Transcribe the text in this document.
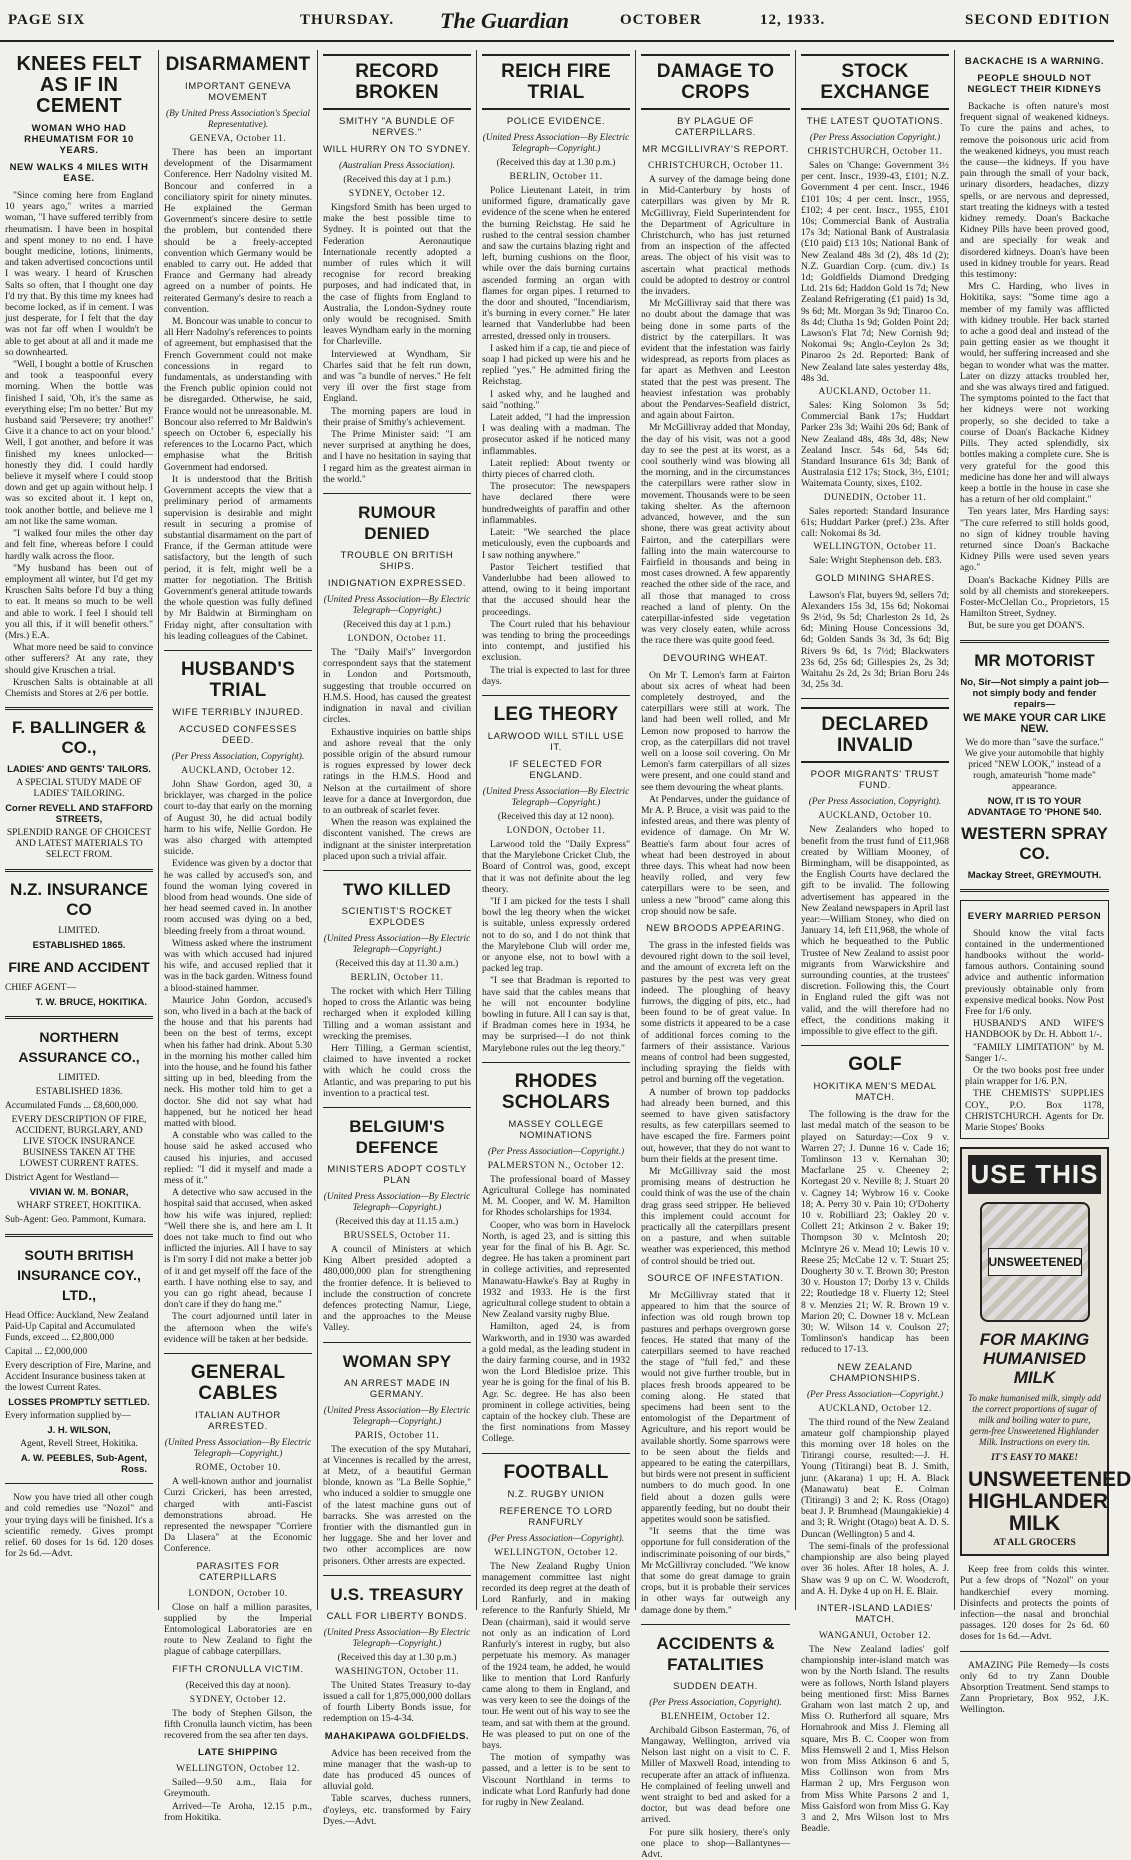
PAGE SIX	THURSDAY. The Guardian	OCTOBER	12, 1933.	SECOND EDITION
KNEES FELT AS IF IN CEMENT
WOMAN WHO HAD RHEUMATISM FOR 10 YEARS.
NEW WALKS 4 MILES WITH EASE.

"Since coming here from England 10 years ago," writes a married woman, "I have suffered terribly from rheumatism. I have been in hospital and spent money to no end. I have bought medicine, lotions, liniments, and taken advertised concoctions until I was weary. I heard of Kruschen Salts so often, that I thought one day I'd try that. By this time my knees had become locked, as if in cement. I was just desperate, for I felt that the day was not far off when I wouldn't be able to get about at all and it made me so downhearted.

"Well, I bought a bottle of Kruschen and took a teaspoonful every morning. When the bottle was finished I said, 'Oh, it's the same as everything else; I'm no better.' But my husband said 'Persevere; try another!' Give it a chance to act on your blood.' Well, I got another, and before it was finished my knees unlocked—honestly they did. I could hardly believe it myself where I could stoop down and get up again without help. I was so excited about it. I kept on, took another bottle, and believe me I am not like the same woman.

"I walked four miles the other day and felt fine, whereas before I could hardly walk across the floor.

"My husband has been out of employment all winter, but I'd get my Kruschen Salts before I'd buy a thing to eat. It means so much to be well and able to work. I feel I should tell you all this, if it will benefit others." (Mrs.) E.A.

What more need be said to convince other sufferers? At any rate, they should give Kruschen a trial.

Kruschen Salts is obtainable at all Chemists and Stores at 2/6 per bottle.

F. BALLINGER & CO.,
LADIES' AND GENTS' TAILORS.
A SPECIAL STUDY MADE OF LADIES' TAILORING.
Corner REVELL AND STAFFORD STREETS,
SPLENDID RANGE OF CHOICEST AND LATEST MATERIALS TO SELECT FROM.
N.Z. INSURANCE CO
LIMITED.
ESTABLISHED 1865.
FIRE AND ACCIDENT
CHIEF AGENT—
T. W. BRUCE, HOKITIKA.
NORTHERN ASSURANCE CO.,
LIMITED.
ESTABLISHED 1836.
Accumulated Funds ... £8,600,000.
EVERY DESCRIPTION OF FIRE, ACCIDENT, BURGLARY, AND LIVE STOCK INSURANCE BUSINESS TAKEN AT THE LOWEST CURRENT RATES.
District Agent for Westland—
VIVIAN W. M. BONAR,
WHARF STREET, HOKITIKA.
Sub-Agent: Geo. Pammont, Kumara.
SOUTH BRITISH INSURANCE COY., LTD.,
Head Office: Auckland, New Zealand Paid-Up Capital and Accumulated Funds, exceed ... £2,800,000
Capital ... £2,000,000
Every description of Fire, Marine, and Accident Insurance business taken at the lowest Current Rates.
LOSSES PROMPTLY SETTLED.
Every information supplied by—
J. H. WILSON,
Agent, Revell Street, Hokitika.
A. W. PEEBLES, Sub-Agent, Ross.

Now you have tried all other cough and cold remedies use "Nozol" and your trying days will be finished. It's a scientific remedy. Gives prompt relief. 60 doses for 1s 6d. 120 doses for 2s 6d.—Advt.

DISARMAMENT
IMPORTANT GENEVA MOVEMENT
(By United Press Association's Special Representative).
GENEVA, October 11.

There has been an important development of the Disarmament Conference. Herr Nadolny visited M. Boncour and conferred in a conciliatory spirit for ninety minutes. He explained the German Government's sincere desire to settle the problem, but contended there should be a freely-accepted convention which Germany would be enabled to carry out. He added that France and Germany had already agreed on a number of points. He reiterated Germany's desire to reach a convention.

M. Boncour was unable to concur to all Herr Nadolny's references to points of agreement, but emphasised that the French Government could not make concessions in regard to fundamentals, as understanding with the French public opinion could not be disregarded. Otherwise, he said, France would not be unreasonable. M. Boncour also referred to Mr Baldwin's speech on October 6, especially his references to the Locarno Pact, which emphasise what the British Government had endorsed.

It is understood that the British Government accepts the view that a preliminary period of armaments supervision is desirable and might result in securing a promise of substantial disarmament on the part of France, if the German attitude were satisfactory, but the length of such period, it is felt, might well be a matter for negotiation. The British Government's general attitude towards the whole question was fully defined by Mr Baldwin at Birmingham on Friday night, after consultation with his leading colleagues of the Cabinet.

HUSBAND'S TRIAL
WIFE TERRIBLY INJURED.
ACCUSED CONFESSES DEED.
(Per Press Association, Copyright).
AUCKLAND, October 12.

John Shaw Gordon, aged 30, a bricklayer, was charged in the police court to-day that early on the morning of August 30, he did actual bodily harm to his wife, Nellie Gordon. He was also charged with attempted suicide.

Evidence was given by a doctor that he was called by accused's son, and found the woman lying covered in blood from head wounds. One side of her head seemed caved in. In another room accused was dying on a bed, bleeding freely from a throat wound.

Witness asked where the instrument was with which accused had injured his wife, and accused replied that it was in the back garden. Witness found a blood-stained hammer.

Maurice John Gordon, accused's son, who lived in a bach at the back of the house and that his parents had been on the best of terms, except when his father had drink. About 5.30 in the morning his mother called him into the house, and he found his father sitting up in bed, bleeding from the neck. His mother told him to get a doctor. She did not say what had happened, but he noticed her head matted with blood.

A constable who was called to the house said he asked accused who caused his injuries, and accused replied: "I did it myself and made a mess of it."

A detective who saw accused in the hospital said that accused, when asked how his wife was injured, replied: "Well there she is, and here am I. It does not take much to find out who inflicted the injuries. All I have to say is I'm sorry I did not make a better job of it and get myself off the face of the earth. I have nothing else to say, and you can go right ahead, because I don't care if they do hang me."

The court adjourned until later in the afternoon when the wife's evidence will be taken at her bedside.

GENERAL CABLES
ITALIAN AUTHOR ARRESTED.
(United Press Association—By Electric Telegraph—Copyright.)
ROME, October 10.

A well-known author and journalist Curzi Crickeri, has been arrested, charged with anti-Fascist demonstrations abroad. He represented the newspaper "Corriere Da Llasera" at the Economic Conference.

PARASITES FOR CATERPILLARS
LONDON, October 10.

Close on half a million parasites, supplied by the Imperial Entomological Laboratories are en route to New Zealand to fight the plague of cabbage caterpillars.

FIFTH CRONULLA VICTIM.
(Received this day at noon).
SYDNEY, October 12.

The body of Stephen Gilson, the fifth Cronulla launch victim, has been recovered from the sea after ten days.

LATE SHIPPING
WELLINGTON, October 12.

Sailed—9.50 a.m., Ilaia for Greymouth.

Arrived—Te Aroha, 12.15 p.m., from Hokitika.

RECORD BROKEN
SMITHY "A BUNDLE OF NERVES."
WILL HURRY ON TO SYDNEY.
(Australian Press Association).
(Received this day at 1 p.m.)
SYDNEY, October 12.

Kingsford Smith has been urged to make the best possible time to Sydney. It is pointed out that the Federation Aeronautique Internationale recently adopted a number of rules which it will recognise for record breaking purposes, and had indicated that, in the case of flights from England to Australia, the London-Sydney route only would be recognised. Smith leaves Wyndham early in the morning for Charleville.

Interviewed at Wyndham, Sir Charles said that he felt run down, and was "a bundle of nerves." He felt very ill over the first stage from England.

The morning papers are loud in their praise of Smithy's achievement.

The Prime Minister said: "I am never surprised at anything he does, and I have no hesitation in saying that I regard him as the greatest airman in the world."

RUMOUR DENIED
TROUBLE ON BRITISH SHIPS.
INDIGNATION EXPRESSED.
(United Press Association—By Electric Telegraph—Copyright.)
(Received this day at 1 p.m.)
LONDON, October 11.

The "Daily Mail's" Invergordon correspondent says that the statement in London and Portsmouth, suggesting that trouble occurred on H.M.S. Hood, has caused the greatest indignation in naval and civilian circles.

Exhaustive inquiries on battle ships and ashore reveal that the only possible origin of the absurd rumour is rogues expressed by lower deck ratings in the H.M.S. Hood and Nelson at the curtailment of shore leave for a dance at Invergordon, due to an outbreak of scarlet fever.

When the reason was explained the discontent vanished. The crews are indignant at the sinister interpretation placed upon such a trivial affair.

TWO KILLED
SCIENTIST'S ROCKET EXPLODES
(United Press Association—By Electric Telegraph—Copyright.)
(Received this day at 11.30 a.m.)
BERLIN, October 11.

The rocket with which Herr Tilling hoped to cross the Atlantic was being recharged when it exploded killing Tilling and a woman assistant and wrecking the premises.

Herr Tilling, a German scientist, claimed to have invented a rocket with which he could cross the Atlantic, and was preparing to put his invention to a practical test.

BELGIUM'S DEFENCE
MINISTERS ADOPT COSTLY PLAN
(United Press Association—By Electric Telegraph—Copyright.)
(Received this day at 11.15 a.m.)
BRUSSELS, October 11.

A council of Ministers at which King Albert presided adopted a 480,000,000 plan for strengthening the frontier defence. It is believed to include the construction of concrete defences protecting Namur, Liege, and the approaches to the Meuse Valley.

WOMAN SPY
AN ARREST MADE IN GERMANY.
(United Press Association—By Electric Telegraph—Copyright.)
PARIS, October 11.

The execution of the spy Mutahari, at Vincennes is recalled by the arrest, at Metz, of a beautiful German blonde, known as "La Belle Sophie," who induced a soldier to smuggle one of the latest machine guns out of barracks. She was arrested on the frontier with the dismantled gun in her luggage. She and her lover and two other accomplices are now prisoners. Other arrests are expected.

U.S. TREASURY
CALL FOR LIBERTY BONDS.
(United Press Association—By Electric Telegraph—Copyright.)
(Received this day at 1.30 p.m.)
WASHINGTON, October 11.

The United States Treasury to-day issued a call for 1,875,000,000 dollars of fourth Liberty Bonds issue, for redemption on 15-4-34.

MAHAKIPAWA GOLDFIELDS.

Advice has been received from the mine manager that the wash-up to date has produced 45 ounces of alluvial gold.

Table scarves, duchess runners, d'oyleys, etc. transformed by Fairy Dyes.—Advt.

REICH FIRE TRIAL
POLICE EVIDENCE.
(United Press Association—By Electric Telegraph—Copyright.)
(Received this day at 1.30 p.m.)
BERLIN, October 11.

Police Lieutenant Lateit, in trim uniformed figure, dramatically gave evidence of the scene when he entered the burning Reichstag. He said he rushed to the central session chamber and saw the curtains blazing right and left, burning cushions on the floor, while over the dais burning curtains ascended forming an organ with flames for organ pipes. I returned to the door and shouted, "Incendiarism, it's burning in every corner." He later learned that Vanderlubbe had been arrested, dressed only in trousers.

I asked him if a cap, tie and piece of soap I had picked up were his and he replied "yes." He admitted firing the Reichstag.

I asked why, and he laughed and said "nothing."

Lateit added, "I had the impression I was dealing with a madman. The prosecutor asked if he noticed many inflammables.

Lateit replied: About twenty or thirty pieces of charred cloth.

The prosecutor: The newspapers have declared there were hundredweights of paraffin and other inflammables.

Lateit: "We searched the place meticulously, even the cupboards and I saw nothing anywhere."

Pastor Teichert testified that Vanderlubbe had been allowed to attend, owing to it being important that the accused should hear the proceedings.

The Court ruled that his behaviour was tending to bring the proceedings into contempt, and justified his exclusion.

The trial is expected to last for three days.

LEG THEORY
LARWOOD WILL STILL USE IT.
IF SELECTED FOR ENGLAND.
(United Press Association—By Electric Telegraph—Copyright.)
(Received this day at 12 noon).
LONDON, October 11.

Larwood told the "Daily Express" that the Marylebone Cricket Club, the Board of Control was, good, except that it was not definite about the leg theory.

"If I am picked for the tests I shall bowl the leg theory when the wicket is suitable, unless expressly ordered not to do so, and I do not think that the Marylebone Club will order me, or anyone else, not to bowl with a packed leg trap.

"I see that Bradman is reported to have said that the cables means that he will not encounter bodyline bowling in future. All I can say is that, if Bradman comes here in 1934, he may be surprised—I do not think Marylebone rules out the leg theory."

RHODES SCHOLARS
MASSEY COLLEGE NOMINATIONS
(Per Press Association—Copyright.)
PALMERSTON N., October 12.

The professional board of Massey Agricultural College has nominated M. M. Cooper, and W. M. Hamilton for Rhodes scholarships for 1934.

Cooper, who was born in Havelock North, is aged 23, and is sitting this year for the final of his B. Agr. Sc. degree. He has taken a prominent part in college activities, and represented Manawatu-Hawke's Bay at Rugby in 1932 and 1933. He is the first agricultural college student to obtain a New Zealand varsity rugby Blue.

Hamilton, aged 24, is from Warkworth, and in 1930 was awarded a gold medal, as the leading student in the dairy farming course, and in 1932 won the Lord Bledisloe prize. This year he is going for the final of his B. Agr. Sc. degree. He has also been prominent in college activities, being captain of the hockey club. These are the first nominations from Massey College.

FOOTBALL
N.Z. RUGBY UNION
REFERENCE TO LORD RANFURLY
(Per Press Association—Copyright).
WELLINGTON, October 12.

The New Zealand Rugby Union management committee last night recorded its deep regret at the death of Lord Ranfurly, and in making reference to the Ranfurly Shield, Mr Dean (chairman), said it would serve not only as an indication of Lord Ranfurly's interest in rugby, but also perpetuate his memory. As manager of the 1924 team, he added, he would like to mention that Lord Ranfurly came along to them in England, and was very keen to see the doings of the tour. He went out of his way to see the team, and sat with them at the ground. He was pleased to put on one of the bays.

The motion of sympathy was passed, and a letter is to be sent to Viscount Northland in terms to indicate what Lord Ranfurly had done for rugby in New Zealand.

DAMAGE TO CROPS
BY PLAGUE OF CATERPILLARS.
MR MCGILLIVRAY'S REPORT.
CHRISTCHURCH, October 11.

A survey of the damage being done in Mid-Canterbury by hosts of caterpillars was given by Mr R. McGillivray, Field Superintendent for the Department of Agriculture in Christchurch, who has just returned from an inspection of the affected areas. The object of his visit was to ascertain what practical methods could be adopted to destroy or control the invaders.

Mr McGillivray said that there was no doubt about the damage that was being done in some parts of the district by the caterpillars. It was evident that the infestation was fairly widespread, as reports from places as far apart as Methven and Leeston stated that the pest was present. The heaviest infestation was probably about the Pendarves-Seafield district, and again about Fairton.

Mr McGillivray added that Monday, the day of his visit, was not a good day to see the pest at its worst, as a cool southerly wind was blowing all the morning, and in the circumstances the caterpillars were rather slow in movement. Thousands were to be seen taking shelter. As the afternoon advanced, however, and the sun shone, there was great activity about Fairton, and the caterpillars were falling into the main watercourse to Fairfield in thousands and being in most cases drowned. A few apparently reached the other side of the race, and all those that managed to cross reached a land of plenty. On the caterpillar-infested side vegetation was very closely eaten, while across the race there was quite good feed.

DEVOURING WHEAT.

On Mr T. Lemon's farm at Fairton about six acres of wheat had been completely destroyed, and the caterpillars were still at work. The land had been well rolled, and Mr Lemon now proposed to harrow the crop, as the caterpillars did not travel well on a loose soil covering. On Mr Lemon's farm caterpillars of all sizes were present, and one could stand and see them devouring the wheat plants.

At Pendarves, under the guidance of Mr A. P. Bruce, a visit was paid to the infested areas, and there was plenty of evidence of damage. On Mr W. Beattie's farm about four acres of wheat had been destroyed in about three days. This wheat had now been heavily rolled, and very few caterpillars were to be seen, and unless a new "brood" came along this crop should now be safe.

NEW BROODS APPEARING.

The grass in the infested fields was devoured right down to the soil level, and the amount of excreta left on the pastures by the pest was very great indeed. The ploughing of heavy furrows, the digging of pits, etc., had been found to be of great value. In some districts it appeared to be a case of additional forces coming to the farmers of their assistance. Various means of control had been suggested, including spraying the fields with petrol and burning off the vegetation.

A number of brown top paddocks had already been burned, and this seemed to have given satisfactory results, as few caterpillars seemed to have escaped the fire. Farmers point out, however, that they do not want to burn their fields at the present time.

Mr McGillivray said the most promising means of destruction he could think of was the use of the chain drag grass seed stripper. He believed this implement could account for practically all the caterpillars present on a pasture, and when suitable weather was experienced, this method of control should be tried out.

SOURCE OF INFESTATION.

Mr McGillivray stated that it appeared to him that the source of infection was old rough brown top pastures and perhaps overgrown gorse fences. He stated that many of the caterpillars seemed to have reached the stage of "full fed," and these would not give further trouble, but in places fresh broods appeared to be coming along. He stated that specimens had been sent to the entomologist of the Department of Agriculture, and his report would be available shortly. Some sparrows were to be seen about the fields and appeared to be eating the caterpillars, but birds were not present in sufficient numbers to do much good. In one field about a dozen gulls were apparently feeding, but no doubt their appetites would soon be satisfied.

"It seems that the time was opportune for full consideration of the indiscriminate poisoning of our birds," Mr McGillivray concluded. "We know that some do great damage to grain crops, but it is probable their services in other ways far outweigh any damage done by them."

ACCIDENTS & FATALITIES
SUDDEN DEATH.
(Per Press Association, Copyright).
BLENHEIM, October 12.

Archibald Gibson Easterman, 76, of Mangaway, Wellington, arrived via Nelson last night on a visit to C. F. Miller of Maxwell Road, intending to recuperate after an attack of influenza. He complained of feeling unwell and went straight to bed and asked for a doctor, but was dead before one arrived.

For pure silk hosiery, there's only one place to shop—Ballantynes—Advt.

STOCK EXCHANGE
THE LATEST QUOTATIONS.
(Per Press Association Copyright.)
CHRISTCHURCH, October 11.

Sales on 'Change: Government 3½ per cent. Inscr., 1939-43, £101; N.Z. Government 4 per cent. Inscr., 1946 £101 10s; 4 per cent. Inscr., 1955, £102; 4 per cent. Inscr., 1955, £101 10s; Commercial Bank of Australia 17s 3d; National Bank of Australasia (£10 paid) £13 10s; National Bank of New Zealand 48s 3d (2), 48s 1d (2); N.Z. Guardian Corp. (cum. div.) 1s 1d; Goldfields Diamond Dredging Ltd. 21s 6d; Haddon Gold 1s 7d; New Zealand Refrigerating (£1 paid) 1s 3d, 9s 6d; Mt. Morgan 3s 9d; Tinaroo Co. 8s 4d; Clutha 1s 9d; Golden Point 2d; Lawson's Flat 7d; New Cornish 9d; Nokomai 9s; Anglo-Ceylon 2s 3d; Pinaroo 2s 2d. Reported: Bank of New Zealand late sales yesterday 48s, 48s 3d.

AUCKLAND, October 11.

Sales: King Solomon 3s 5d; Commercial Bank 17s; Huddart Parker 23s 3d; Waihi 20s 6d; Bank of New Zealand 48s, 48s 3d, 48s; New Zealand Inscr. 54s 6d, 54s 6d; Standard Insurance 61s 3d; Bank of Australasia £12 17s; Stock, 3½, £101; Waitemata County, sixes, £102.

DUNEDIN, October 11.

Sales reported: Standard Insurance 61s; Huddart Parker (pref.) 23s. After call: Nokomai 8s 3d.

WELLINGTON, October 11.

Sale: Wright Stephenson deb. £83.

GOLD MINING SHARES.

Lawson's Flat, buyers 9d, sellers 7d; Alexanders 15s 3d, 15s 6d; Nokomai 9s 2½d, 9s 5d; Charleston 2s 1d, 2s 6d; Mining House Concessions 3d, 6d; Golden Sands 3s 3d, 3s 6d; Big Rivers 9s 6d, 1s 7½d; Blackwaters 23s 6d, 25s 6d; Gillespies 2s, 2s 3d; Waitahu 2s 2d, 2s 3d; Brian Boru 24s 3d, 25s 3d.

DECLARED INVALID
POOR MIGRANTS' TRUST FUND.
(Per Press Association, Copyright).
AUCKLAND, October 10.

New Zealanders who hoped to benefit from the trust fund of £11,968 created by William Mooney, of Birmingham, will be disappointed, as the English Courts have declared the gift to be invalid. The following advertisement has appeared in the New Zealand newspapers in April last year:—William Stoney, who died on January 14, left £11,968, the whole of which he bequeathed to the Public Trustee of New Zealand to assist poor migrants from Warwickshire and surrounding counties, at the trustees' discretion. Following this, the Court in England ruled the gift was not valid, and the will therefore had no effect, the conditions making it impossible to give effect to the gift.

GOLF
HOKITIKA MEN'S MEDAL MATCH.

The following is the draw for the last medal match of the season to be played on Saturday:—Cox 9 v. Warren 27; J. Dunne 16 v. Cade 16; Tomlinson 13 v. Kernahan 30; Macfarlane 25 v. Cheeney 2; Kortegast 20 v. Neville 8; J. Stuart 20 v. Cagney 14; Wybrow 16 v. Cooke 18; A. Perry 30 v. Pain 10; O'Doherty 10 v. Robilliard 23; Oakley 20 v. Collett 21; Atkinson 2 v. Baker 19; Thompson 30 v. McIntosh 20; McIntyre 26 v. Mead 10; Lewis 10 v. Reese 25; McCabe 12 v. T. Stuart 25; Dougherty 30 v. T. Brown 30; Preston 30 v. Houston 17; Dorby 13 v. Childs 22; Routledge 18 v. Fluerty 12; Steel 8 v. Menzies 21; W. R. Brown 19 v. Marion 20; C. Downer 18 v. McLean 30; W. Wilson 14 v. Coulson 27; Tomlinson's handicap has been reduced to 17-13.

NEW ZEALAND CHAMPIONSHIPS.
(Per Press Association—Copyright.)
AUCKLAND, October 12.

The third round of the New Zealand amateur golf championship played this morning over 18 holes on the Titirangi course, resulted:—J. H. Young (Titirangi) beat B. J. Smith, junr. (Akarana) 1 up; H. A. Black (Manawatu) beat E. Colman (Titirangi) 3 and 2; K. Ross (Otago) beat J. P. Brumhead (Maungakiekie) 4 and 3; R. Wright (Otago) beat A. D. S. Duncan (Wellington) 5 and 4.

The semi-finals of the professional championship are also being played over 36 holes. After 18 holes, A. J. Shaw was 9 up on C. W. Woodcroft, and A. H. Dyke 4 up on H. E. Blair.

INTER-ISLAND LADIES' MATCH.
WANGANUI, October 12.

The New Zealand ladies' golf championship inter-island match was won by the North Island. The results were as follows, North Island players being mentioned first: Miss Barnes Graham won last match 2 up, and Miss O. Rutherford all square, Mrs Hornabrook and Miss J. Fleming all square, Mrs B. C. Cooper won from Miss Hemswell 2 and 1, Miss Helson won from Miss Atkinson 6 and 5, Miss Collinson won from Mrs Harman 2 up, Mrs Ferguson won from Miss White Parsons 2 and 1, Miss Gaisford won from Miss G. Kay 3 and 2, Mrs Wilson lost to Mrs Beadle.

BACKACHE IS A WARNING.
PEOPLE SHOULD NOT NEGLECT THEIR KIDNEYS

Backache is often nature's most frequent signal of weakened kidneys. To cure the pains and aches, to remove the poisonous uric acid from the weakened kidneys, you must reach the cause—the kidneys. If you have pain through the small of your back, urinary disorders, headaches, dizzy spells, or are nervous and depressed, start treating the kidneys with a tested kidney remedy. Doan's Backache Kidney Pills have been proved good, and are specially for weak and disordered kidneys. Doan's have been used in kidney trouble for years. Read this testimony:

Mrs C. Harding, who lives in Hokitika, says: "Some time ago a member of my family was afflicted with kidney trouble. Her back started to ache a good deal and instead of the pain getting easier as we thought it would, her suffering increased and she began to wonder what was the matter. Later on dizzy attacks troubled her, and she was always tired and fatigued. The symptoms pointed to the fact that her kidneys were not working properly, so she decided to take a course of Doan's Backache Kidney Pills. They acted splendidly, six bottles making a complete cure. She is very grateful for the good this medicine has done her and will always keep a bottle in the house in case she has a return of her old complaint."

Ten years later, Mrs Harding says: "The cure referred to still holds good, no sign of kidney trouble having returned since Doan's Backache Kidney Pills were used seven years ago."

Doan's Backache Kidney Pills are sold by all chemists and storekeepers. Foster-McClellan Co., Proprietors, 15 Hamilton Street, Sydney.

But, be sure you get DOAN'S.

MR MOTORIST
No, Sir—Not simply a paint job—not simply body and fender repairs—
WE MAKE YOUR CAR LIKE NEW.
We do more than "save the surface." We give your automobile that highly priced "NEW LOOK," instead of a rough, amateurish "home made" appearance.
NOW, IT IS TO YOUR ADVANTAGE TO 'PHONE 540.
WESTERN SPRAY CO.
Mackay Street, GREYMOUTH.
EVERY MARRIED PERSON

Should know the vital facts contained in the undermentioned handbooks without the world-famous authors. Containing sound advice and authentic information previously obtainable only from expensive medical books. Now Post Free for 1/6 only.

HUSBAND'S AND WIFE'S HANDBOOK by Dr. H. Abbott 1/-.

"FAMILY LIMITATION" by M. Sanger 1/-.

Or the two books post free under plain wrapper for 1/6. P.N.

THE CHEMISTS' SUPPLIES COY., P.O. Box 1178, CHRISTCHURCH. Agents for Dr. Marie Stopes' Books

USE THIS
UNSWEETENED
FOR MAKING HUMANISED MILK
To make humanised milk, simply add the correct proportions of sugar of milk and boiling water to pure, germ-free Unsweetened Highlander Milk. Instructions on every tin.
IT'S EASY TO MAKE!
UNSWEETENED HIGHLANDER MILK
AT ALL GROCERS

Keep free from colds this winter. Put a few drops of "Nozol" on your handkerchief every morning. Disinfects and protects the points of infection—the nasal and bronchial passages. 120 doses for 2s 6d. 60 doses for 1s 6d.—Advt.

AMAZING Pile Remedy—Is costs only 6d to try Zann Double Absorption Treatment. Send stamps to Zann Proprietary, Box 952, J.K. Wellington.
